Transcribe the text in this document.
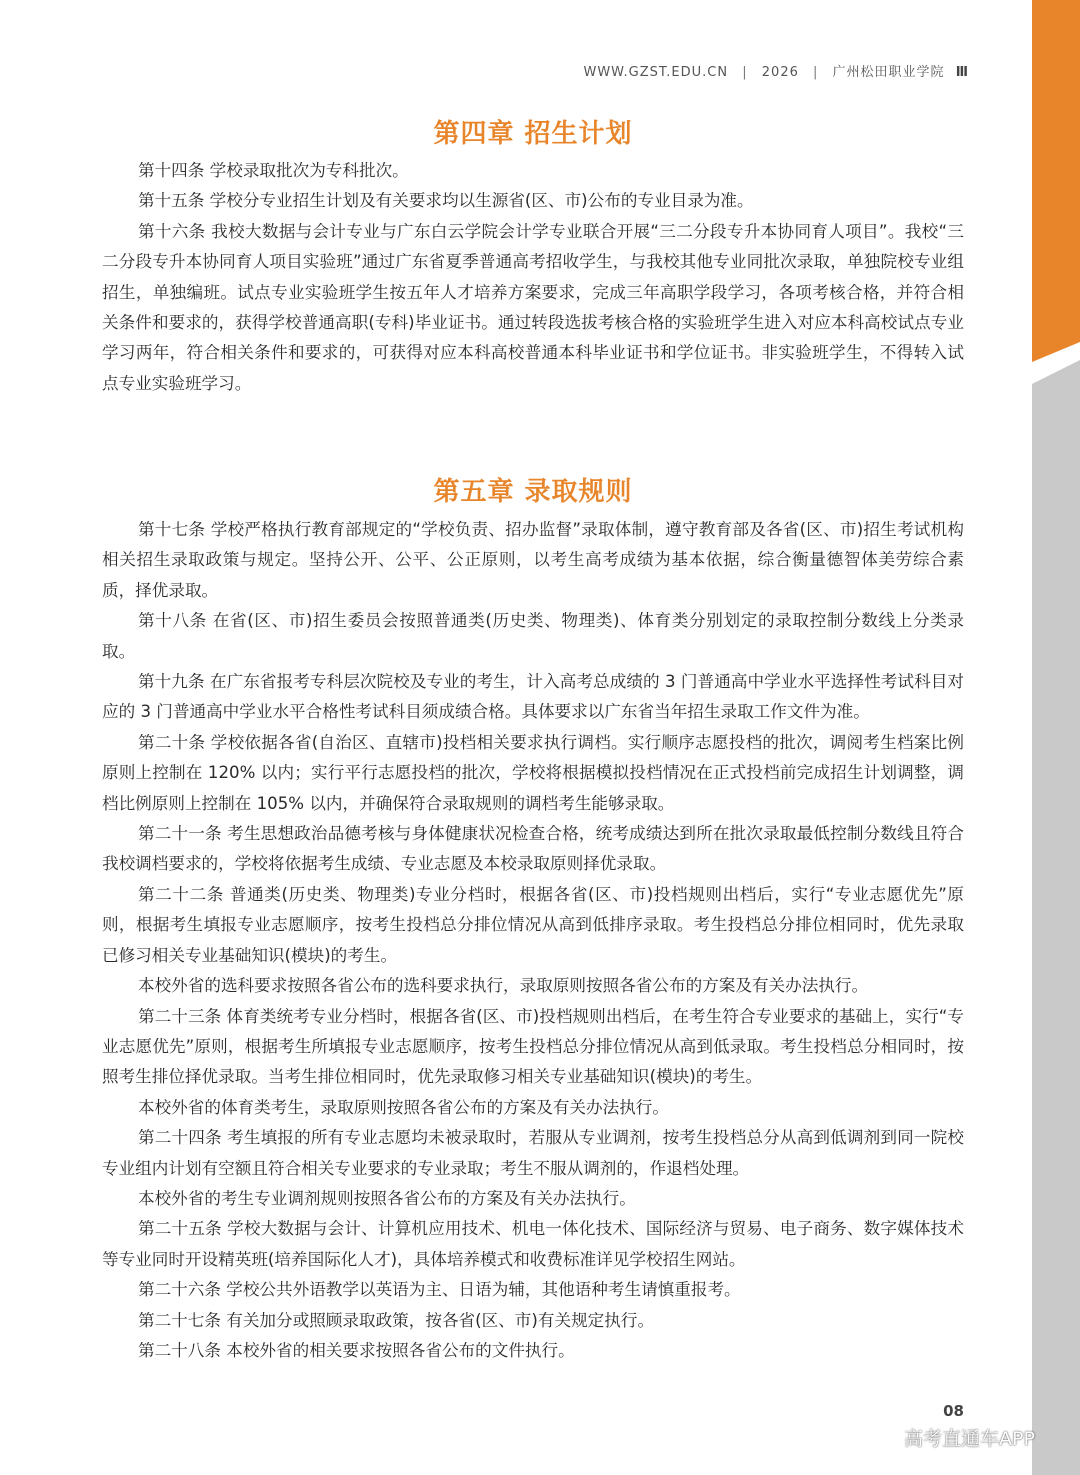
WWW.GZST.EDU.CN | 2026 | 广州松田职业学院 Ⅲ
第四章 招生计划

第十四条 学校录取批次为专科批次。

第十五条 学校分专业招生计划及有关要求均以生源省(区、市)公布的专业目录为准。

第十六条 我校大数据与会计专业与广东白云学院会计学专业联合开展“三二分段专升本协同育人项目”。我校“三二分段专升本协同育人项目实验班”通过广东省夏季普通高考招收学生，与我校其他专业同批次录取，单独院校专业组招生，单独编班。试点专业实验班学生按五年人才培养方案要求，完成三年高职学段学习，各项考核合格，并符合相关条件和要求的，获得学校普通高职(专科)毕业证书。通过转段选拔考核合格的实验班学生进入对应本科高校试点专业学习两年，符合相关条件和要求的，可获得对应本科高校普通本科毕业证书和学位证书。非实验班学生，不得转入试点专业实验班学习。

第五章 录取规则

第十七条 学校严格执行教育部规定的“学校负责、招办监督”录取体制，遵守教育部及各省(区、市)招生考试机构相关招生录取政策与规定。坚持公开、公平、公正原则，以考生高考成绩为基本依据，综合衡量德智体美劳综合素质，择优录取。

第十八条 在省(区、市)招生委员会按照普通类(历史类、物理类)、体育类分别划定的录取控制分数线上分类录取。

第十九条 在广东省报考专科层次院校及专业的考生，计入高考总成绩的 3 门普通高中学业水平选择性考试科目对应的 3 门普通高中学业水平合格性考试科目须成绩合格。具体要求以广东省当年招生录取工作文件为准。

第二十条 学校依据各省(自治区、直辖市)投档相关要求执行调档。实行顺序志愿投档的批次，调阅考生档案比例原则上控制在 120% 以内；实行平行志愿投档的批次，学校将根据模拟投档情况在正式投档前完成招生计划调整，调档比例原则上控制在 105% 以内，并确保符合录取规则的调档考生能够录取。

第二十一条 考生思想政治品德考核与身体健康状况检查合格，统考成绩达到所在批次录取最低控制分数线且符合我校调档要求的，学校将依据考生成绩、专业志愿及本校录取原则择优录取。

第二十二条 普通类(历史类、物理类)专业分档时，根据各省(区、市)投档规则出档后，实行“专业志愿优先”原则，根据考生填报专业志愿顺序，按考生投档总分排位情况从高到低排序录取。考生投档总分排位相同时，优先录取已修习相关专业基础知识(模块)的考生。

本校外省的选科要求按照各省公布的选科要求执行，录取原则按照各省公布的方案及有关办法执行。

第二十三条 体育类统考专业分档时，根据各省(区、市)投档规则出档后，在考生符合专业要求的基础上，实行“专业志愿优先”原则，根据考生所填报专业志愿顺序，按考生投档总分排位情况从高到低录取。考生投档总分相同时，按照考生排位择优录取。当考生排位相同时，优先录取修习相关专业基础知识(模块)的考生。

本校外省的体育类考生，录取原则按照各省公布的方案及有关办法执行。

第二十四条 考生填报的所有专业志愿均未被录取时，若服从专业调剂，按考生投档总分从高到低调剂到同一院校专业组内计划有空额且符合相关专业要求的专业录取；考生不服从调剂的，作退档处理。

本校外省的考生专业调剂规则按照各省公布的方案及有关办法执行。

第二十五条 学校大数据与会计、计算机应用技术、机电一体化技术、国际经济与贸易、电子商务、数字媒体技术等专业同时开设精英班(培养国际化人才)，具体培养模式和收费标准详见学校招生网站。

第二十六条 学校公共外语教学以英语为主、日语为辅，其他语种考生请慎重报考。

第二十七条 有关加分或照顾录取政策，按各省(区、市)有关规定执行。

第二十八条 本校外省的相关要求按照各省公布的文件执行。

08
高考直通车APP
